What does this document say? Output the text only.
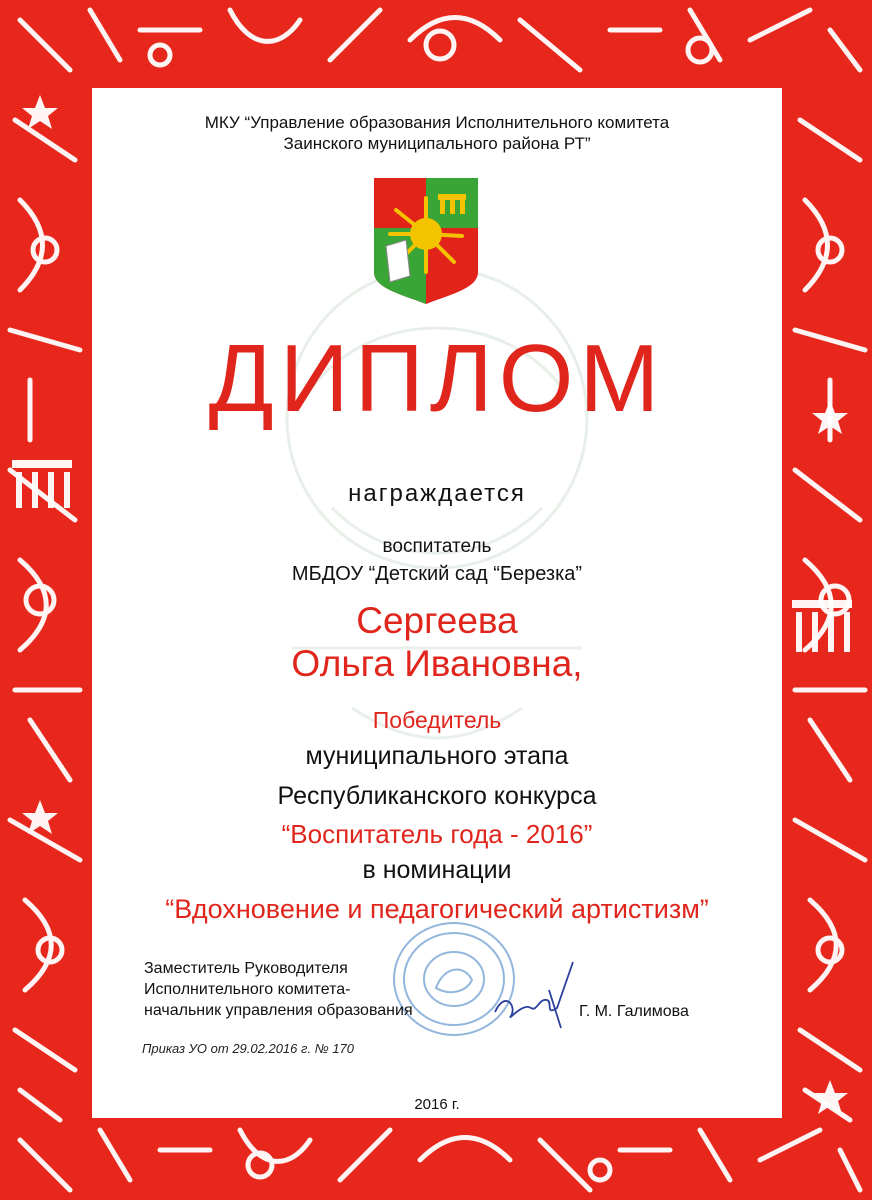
МКУ “Управление образования Исполнительного комитета
Заинского муниципального района РТ”
ДИПЛОМ
награждается
воспитатель
МБДОУ “Детский сад “Березка”
Сергеева
Ольга Ивановна,
Победитель
муниципального этапа
Республиканского конкурса
“Воспитатель года - 2016”
в номинации
“Вдохновение и педагогический артистизм”
Заместитель Руководителя
Исполнительного комитета-
начальник управления образования	Г. М. Галимова
Приказ УО от 29.02.2016 г. № 170
2016 г.
